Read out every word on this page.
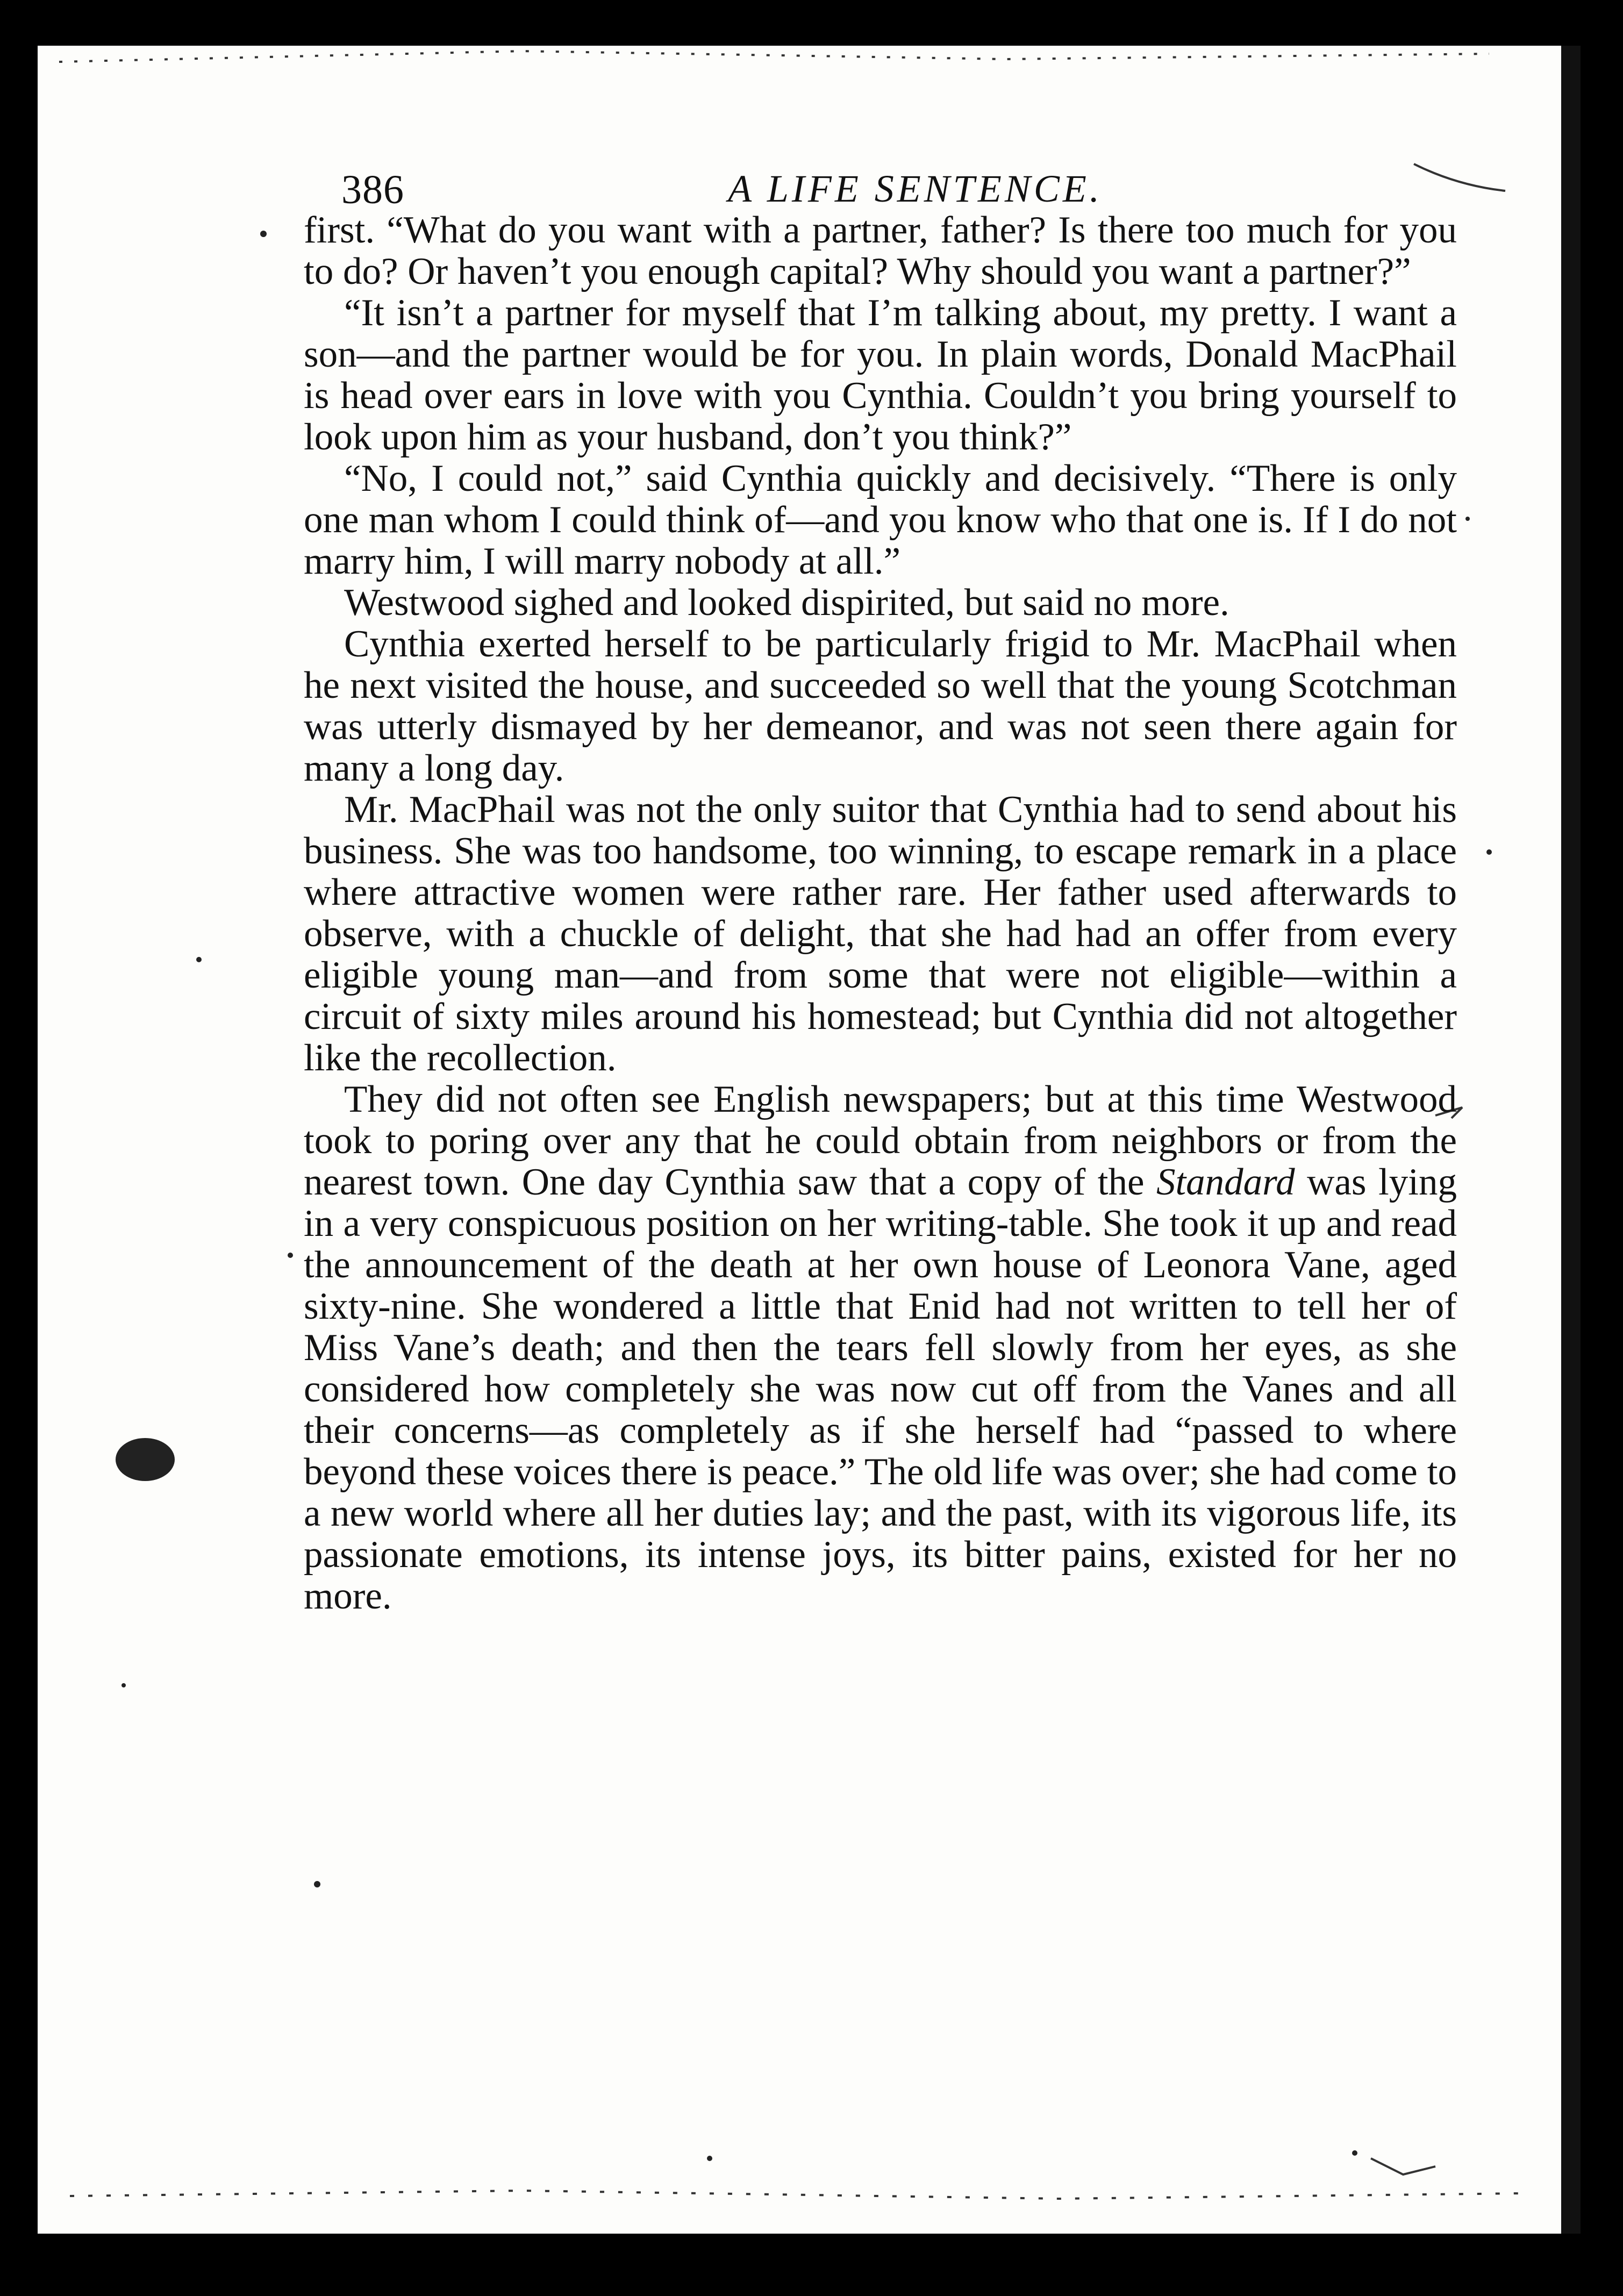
386	A LIFE SENTENCE.

first. “What do you want with a partner, father? Is there too much for you to do? Or haven’t you enough capital? Why should you want a partner?”

“It isn’t a partner for myself that I’m talking about, my pretty. I want a son—and the partner would be for you. In plain words, Donald MacPhail is head over ears in love with you Cynthia. Couldn’t you bring yourself to look upon him as your husband, don’t you think?”

“No, I could not,” said Cynthia quickly and decisively. “There is only one man whom I could think of—and you know who that one is. If I do not marry him, I will marry nobody at all.”

Westwood sighed and looked dispirited, but said no more.

Cynthia exerted herself to be particularly frigid to Mr. MacPhail when he next visited the house, and succeeded so well that the young Scotchman was utterly dismayed by her demeanor, and was not seen there again for many a long day.

Mr. MacPhail was not the only suitor that Cynthia had to send about his business. She was too handsome, too winning, to escape remark in a place where attractive women were rather rare. Her father used afterwards to observe, with a chuckle of delight, that she had had an offer from every eligible young man—and from some that were not eligible—within a circuit of sixty miles around his homestead; but Cynthia did not altogether like the recollection.

They did not often see English newspapers; but at this time Westwood took to poring over any that he could obtain from neighbors or from the nearest town. One day Cynthia saw that a copy of the Standard was lying in a very conspicuous position on her writing-table. She took it up and read the announcement of the death at her own house of Leonora Vane, aged sixty-nine. She wondered a little that Enid had not written to tell her of Miss Vane’s death; and then the tears fell slowly from her eyes, as she considered how completely she was now cut off from the Vanes and all their concerns—as completely as if she herself had “passed to where beyond these voices there is peace.” The old life was over; she had come to a new world where all her duties lay; and the past, with its vigorous life, its passionate emotions, its intense joys, its bitter pains, existed for her no more.
